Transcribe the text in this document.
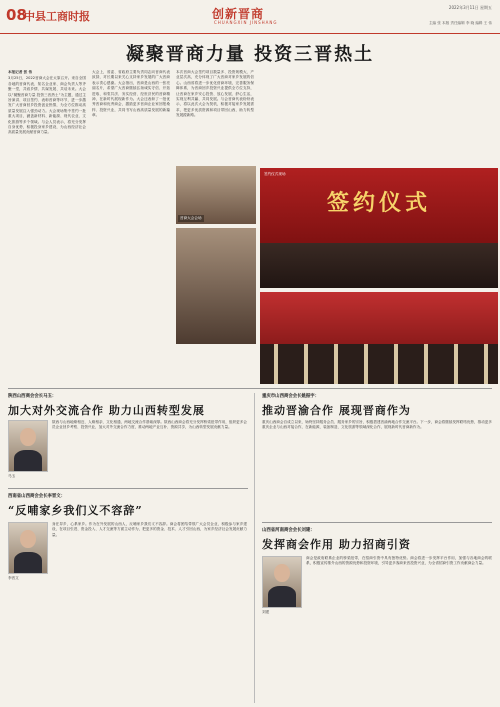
08
中县工商时报	创新晋商
CHUANGXIN JINSHANG
2022年3月11日 星期五
主编 张 本版 责任编辑 李 晓 编辑 王 伟
凝聚晋商力量 投资三晋热土
本报记者 张 伟
3月25日，2022晋商大会在太原召开。来自全国各地的晋商代表、知名企业家、商会负责人等齐聚一堂，共叙乡情、共谋发展、共话未来。大会以“凝聚晋商力量 投资三晋热土”为主题，通过主旨演讲、项目签约、表彰晋商等环节，进一步激发广大晋商回乡投资创业热情，为全方位推动高质量发展注入强劲动力。大会现场集中签约一批重大项目，涵盖新材料、新能源、现代农业、文化旅游等多个领域。与会人员表示，将充分发挥自身优势，积极投身家乡建设，为山西经济社会高质量发展贡献晋商力量。
大会上，省委、省政府主要负责同志向晋商代表致辞，对长期以来关心支持家乡发展的广大晋商表示衷心感谢。大会指出，晋商是山西的一张亮丽名片，希望广大晋商继续弘扬诚实守信、开拓进取、和衷共济、务实经营、经世济民的晋商精神，在新时代展现新作为。大会还表彰了一批优秀晋商和优秀商会，激励更多晋商企业家回报桑梓、投资兴业，共同书写山西高质量发展的新篇章。
本次晋商大会签约项目数量多、投资规模大、产业层次高，充分体现了广大晋商对家乡发展的信心。山西省将进一步优化营商环境，完善服务保障体系，为晋商回乡投资兴业提供全方位支持，让晋商在家乡安心投资、放心发展、舒心生活，实现互利共赢、共同发展。与会晋商代表纷纷表示，将以此次大会为契机，积极对接家乡发展需求，把更多优质资源和项目带回山西，助力转型发展蹚新路。
晋商大会会场
签约仪式
签约仪式现场
陕西山西商会会长马玉：
加大对外交流合作 助力山西转型发展
马玉
陕西与山西地缘相近、人缘相亲、文化相通，两地交流合作基础深厚。陕西山西商会将充分发挥桥梁纽带作用，组织更多会员企业回乡考察、投资兴业，加大对外交流合作力度，推动两地产业互补、资源共享，为山西转型发展贡献力量。
重庆市山西商会会长姚振宇：
推动晋渝合作 展现晋商作为
重庆山西商会自成立以来，始终坚持服务会员、服务家乡的宗旨，积极搭建晋渝两地合作交流平台。下一步，商会将继续发挥联络优势，推动更多重庆企业与山西对接合作，在新能源、装备制造、文化旅游等领域深化合作，展现新时代晋商新作为。
西南省山西商会会长李晋文：
“反哺家乡我们义不容辞”
李晋文
身在异乡，心系家乡。作为在外发展的山西人，反哺家乡我们义不容辞。商会将团结带领广大会员企业，积极参与家乡建设，在项目引进、资金投入、人才交流等方面主动作为，把更多的资金、技术、人才引回山西，为家乡经济社会发展贡献力量。
山西省河南商会会长刘建：
发挥商会作用 助力招商引资
刘建
商会是政府联系企业的桥梁纽带，在招商引资中具有独特优势。商会将进一步发挥平台作用，加强与各地商会的联系，积极宣传推介山西的资源优势和投资环境，引导更多客商来晋投资兴业，为全省招商引资工作贡献商会力量。
